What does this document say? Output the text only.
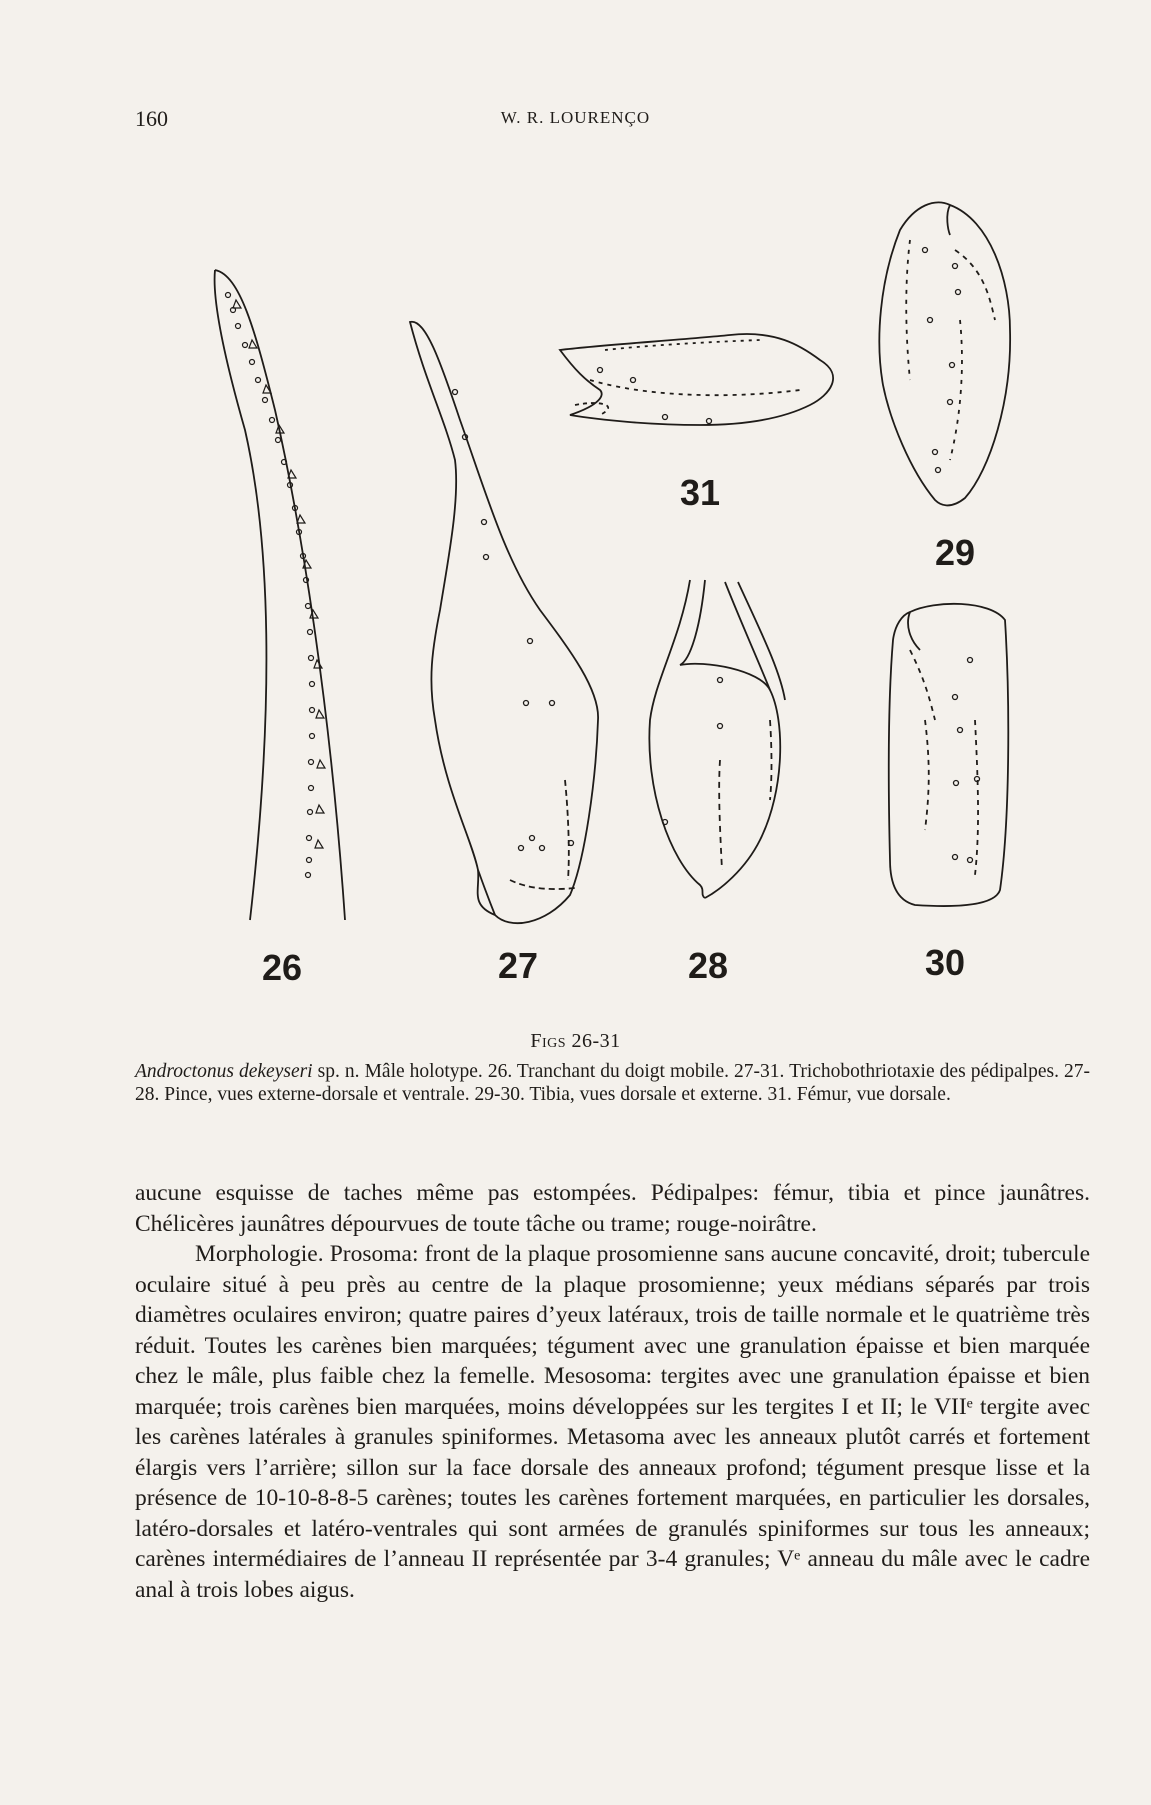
160	W. R. LOURENÇO
26	27	28
29
30
31
Figs 26-31
Androctonus dekeyseri sp. n. Mâle holotype. 26. Tranchant du doigt mobile. 27-31. Trichobothriotaxie des pédipalpes. 27-28. Pince, vues externe-dorsale et ventrale. 29-30. Tibia, vues dorsale et externe. 31. Fémur, vue dorsale.

aucune esquisse de taches même pas estompées. Pédipalpes: fémur, tibia et pince jaunâtres. Chélicères jaunâtres dépourvues de toute tâche ou trame; rouge-noirâtre.

Morphologie. Prosoma: front de la plaque prosomienne sans aucune concavité, droit; tubercule oculaire situé à peu près au centre de la plaque prosomienne; yeux médians séparés par trois diamètres oculaires environ; quatre paires d’yeux latéraux, trois de taille normale et le quatrième très réduit. Toutes les carènes bien marquées; tégument avec une granulation épaisse et bien marquée chez le mâle, plus faible chez la femelle. Mesosoma: tergites avec une granulation épaisse et bien marquée; trois carènes bien marquées, moins développées sur les tergites I et II; le VIIᵉ tergite avec les carènes latérales à granules spiniformes. Metasoma avec les anneaux plutôt carrés et fortement élargis vers l’arrière; sillon sur la face dorsale des anneaux profond; tégument presque lisse et la présence de 10-10-8-8-5 carènes; toutes les carènes fortement marquées, en particulier les dorsales, latéro-dorsales et latéro-ventrales qui sont armées de granulés spiniformes sur tous les anneaux; carènes intermédiaires de l’anneau II représentée par 3-4 granules; Vᵉ anneau du mâle avec le cadre anal à trois lobes aigus.
